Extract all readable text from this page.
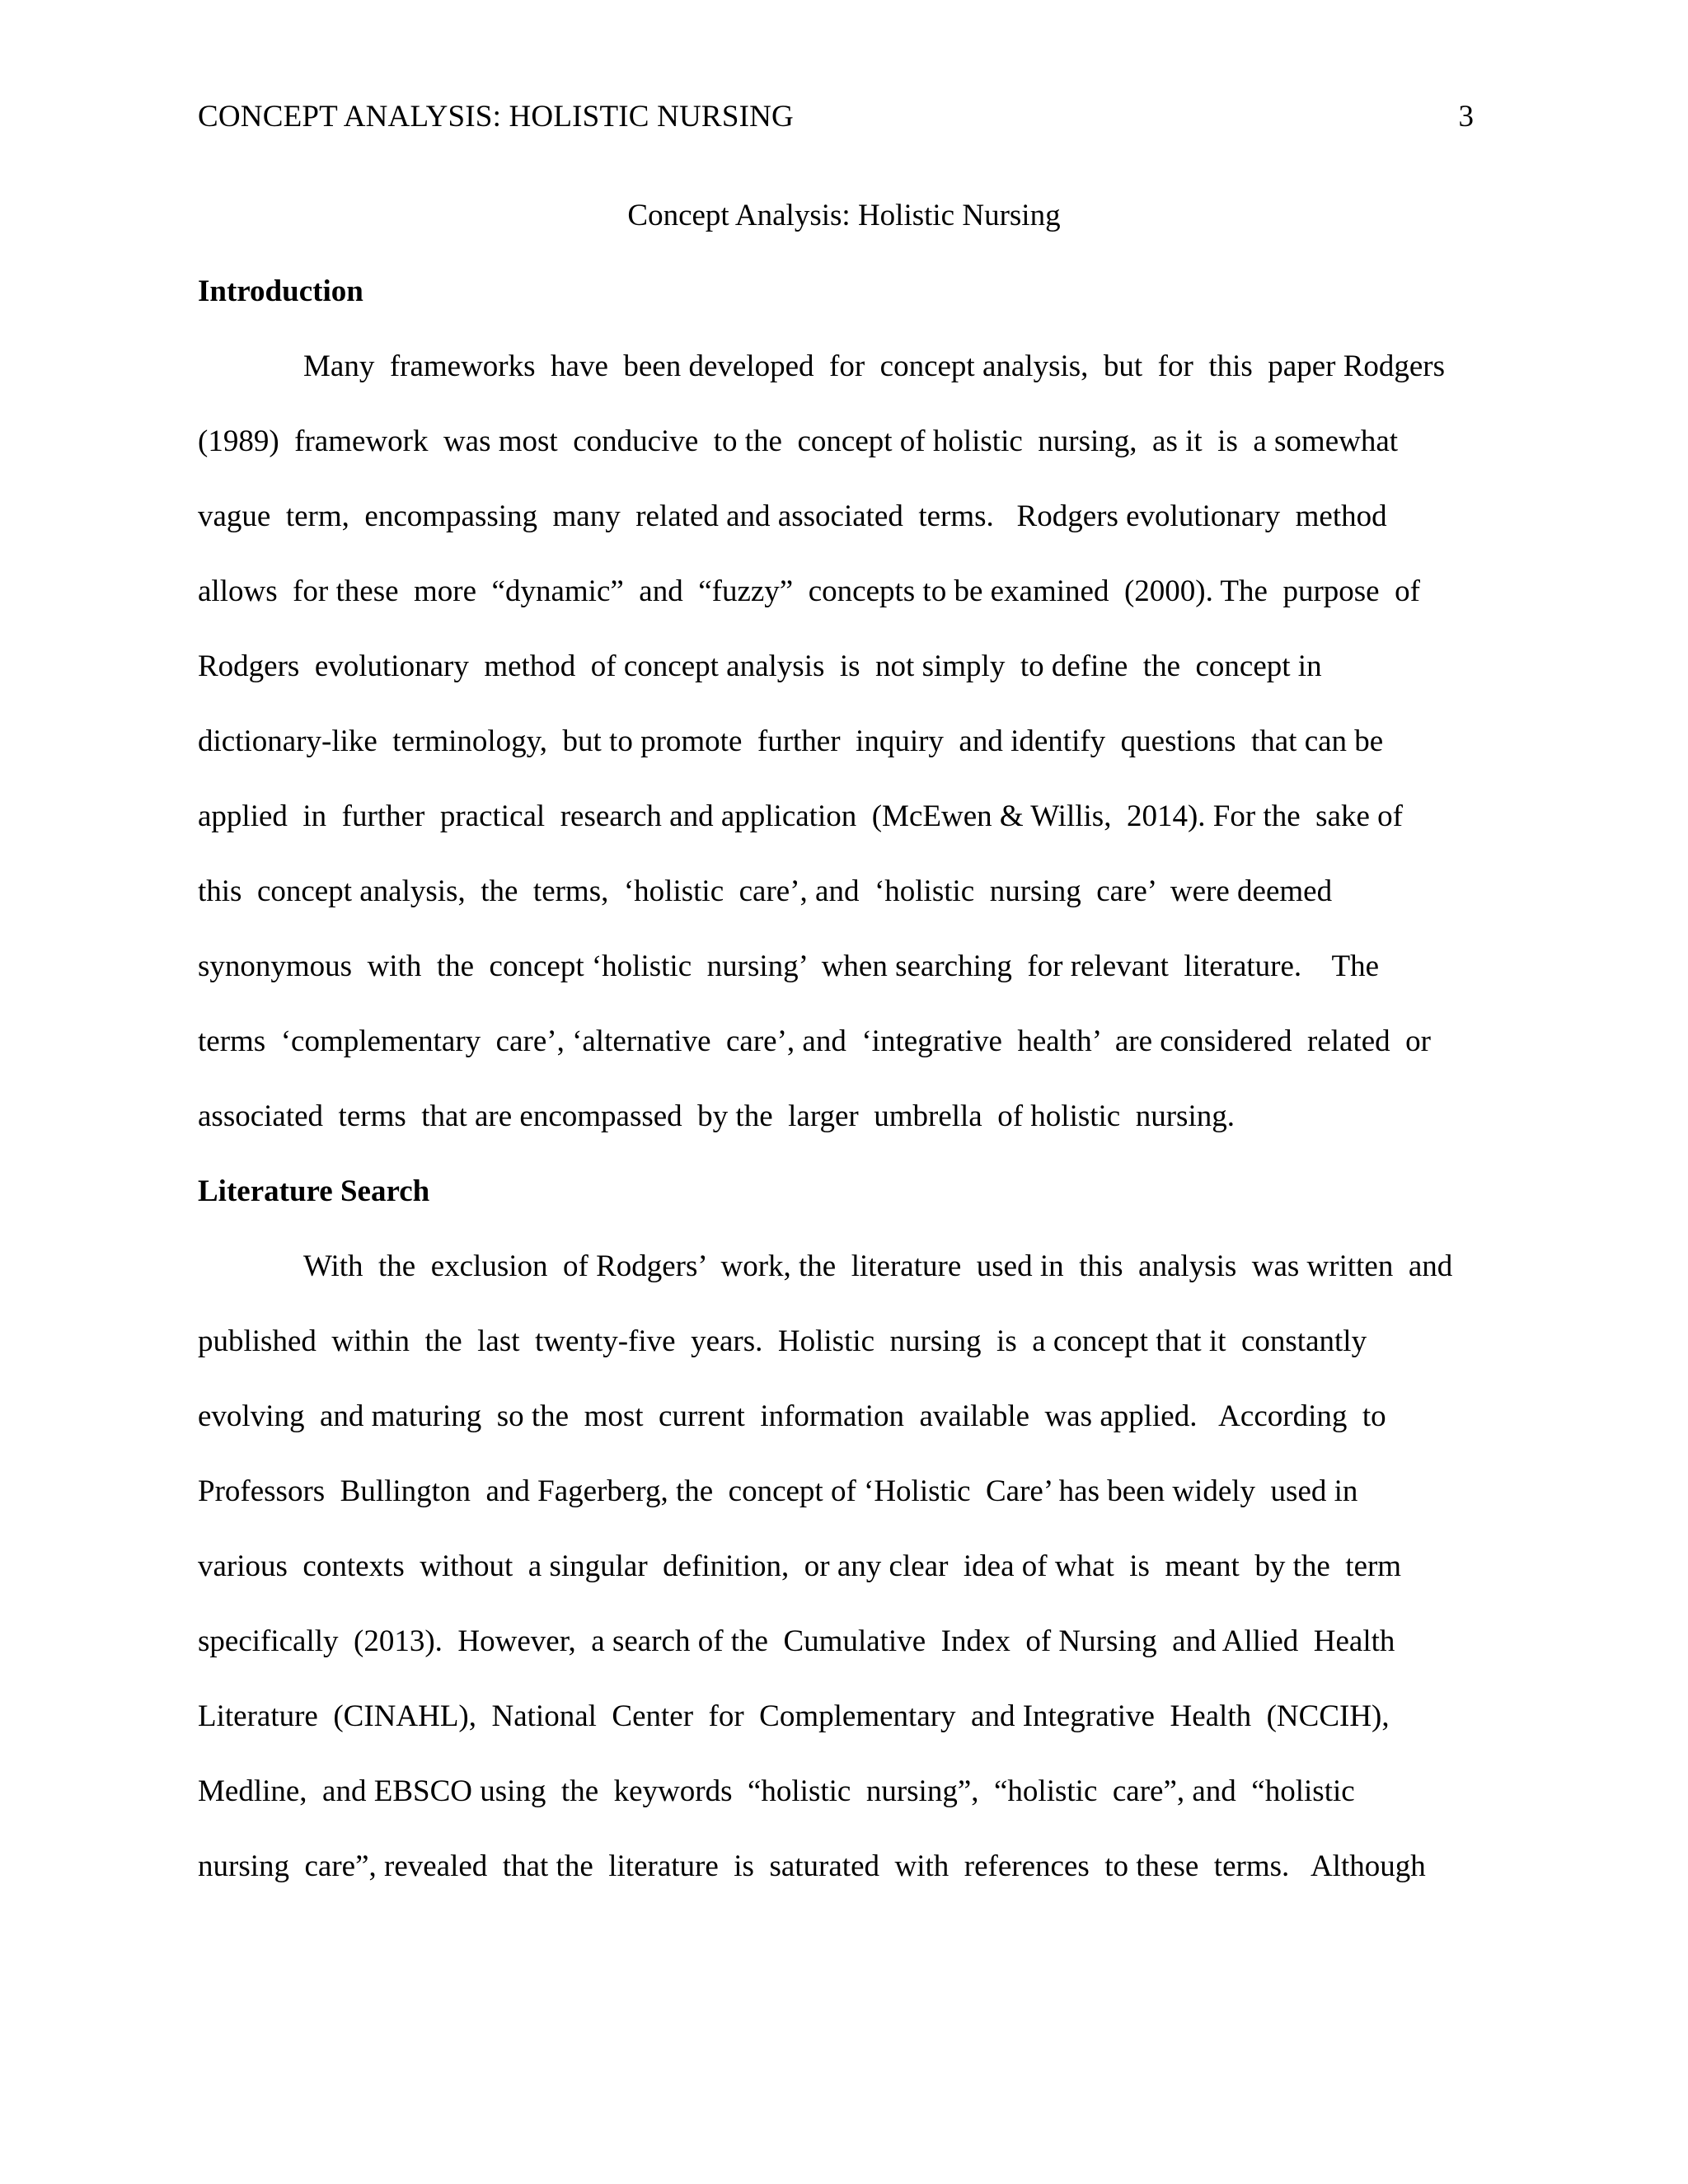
CONCEPT ANALYSIS: HOLISTIC NURSING	3
Concept Analysis: Holistic Nursing
Introduction
Many  frameworks  have  been developed  for  concept analysis,  but  for  this  paper Rodgers
(1989)  framework  was most  conducive  to the  concept of holistic  nursing,  as it  is  a somewhat
vague  term,  encompassing  many  related and associated  terms.   Rodgers evolutionary  method
allows  for these  more  “dynamic”  and  “fuzzy”  concepts to be examined  (2000). The  purpose  of
Rodgers  evolutionary  method  of concept analysis  is  not simply  to define  the  concept in
dictionary-like  terminology,  but to promote  further  inquiry  and identify  questions  that can be
applied  in  further  practical  research and application  (McEwen & Willis,  2014). For the  sake of
this  concept analysis,  the  terms,  ‘holistic  care’, and  ‘holistic  nursing  care’  were deemed
synonymous  with  the  concept ‘holistic  nursing’  when searching  for relevant  literature.    The
terms  ‘complementary  care’, ‘alternative  care’, and  ‘integrative  health’  are considered  related  or
associated  terms  that are encompassed  by the  larger  umbrella  of holistic  nursing.
Literature Search
With  the  exclusion  of Rodgers’  work, the  literature  used in  this  analysis  was written  and
published  within  the  last  twenty-five  years.  Holistic  nursing  is  a concept that it  constantly
evolving  and maturing  so the  most  current  information  available  was applied.   According  to
Professors  Bullington  and Fagerberg, the  concept of ‘Holistic  Care’ has been widely  used in
various  contexts  without  a singular  definition,  or any clear  idea of what  is  meant  by the  term
specifically  (2013).  However,  a search of the  Cumulative  Index  of Nursing  and Allied  Health
Literature  (CINAHL),  National  Center  for  Complementary  and Integrative  Health  (NCCIH),
Medline,  and EBSCO using  the  keywords  “holistic  nursing”,  “holistic  care”, and  “holistic
nursing  care”, revealed  that the  literature  is  saturated  with  references  to these  terms.   Although
